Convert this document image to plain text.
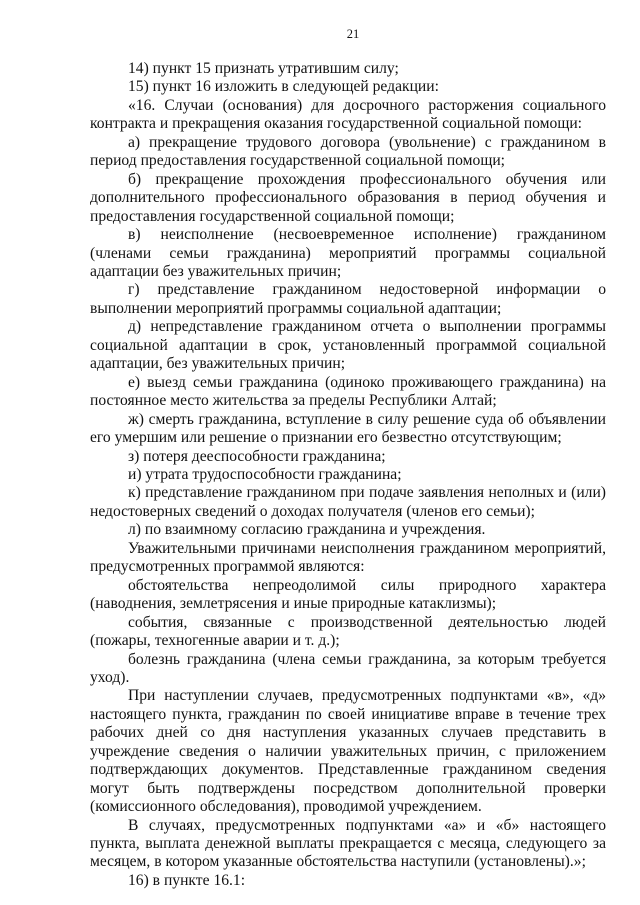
21

14) пункт 15 признать утратившим силу;

15) пункт 16 изложить в следующей редакции:

«16. Случаи (основания) для досрочного расторжения социального контракта и прекращения оказания государственной социальной помощи:

а) прекращение трудового договора (увольнение) с гражданином в период предоставления государственной социальной помощи;

б) прекращение прохождения профессионального обучения или дополнительного профессионального образования в период обучения и предоставления государственной социальной помощи;

в) неисполнение (несвоевременное исполнение) гражданином (членами семьи гражданина) мероприятий программы социальной адаптации без уважительных причин;

г) представление гражданином недостоверной информации о выполнении мероприятий программы социальной адаптации;

д) непредставление гражданином отчета о выполнении программы социальной адаптации в срок, установленный программой социальной адаптации, без уважительных причин;

е) выезд семьи гражданина (одиноко проживающего гражданина) на постоянное место жительства за пределы Республики Алтай;

ж) смерть гражданина, вступление в силу решение суда об объявлении его умершим или решение о признании его безвестно отсутствующим;

з) потеря дееспособности гражданина;

и) утрата трудоспособности гражданина;

к) представление гражданином при подаче заявления неполных и (или) недостоверных сведений о доходах получателя (членов его семьи);

л) по взаимному согласию гражданина и учреждения.

Уважительными причинами неисполнения гражданином мероприятий, предусмотренных программой являются:

обстоятельства непреодолимой силы природного характера (наводнения, землетрясения и иные природные катаклизмы);

события, связанные с производственной деятельностью людей (пожары, техногенные аварии и т. д.);

болезнь гражданина (члена семьи гражданина, за которым требуется уход).

При наступлении случаев, предусмотренных подпунктами «в», «д» настоящего пункта, гражданин по своей инициативе вправе в течение трех рабочих дней со дня наступления указанных случаев представить в учреждение сведения о наличии уважительных причин, с приложением подтверждающих документов. Представленные гражданином сведения могут быть подтверждены посредством дополнительной проверки (комиссионного обследования), проводимой учреждением.

В случаях, предусмотренных подпунктами «а» и «б» настоящего пункта, выплата денежной выплаты прекращается с месяца, следующего за месяцем, в котором указанные обстоятельства наступили (установлены).»;

16) в пункте 16.1:
